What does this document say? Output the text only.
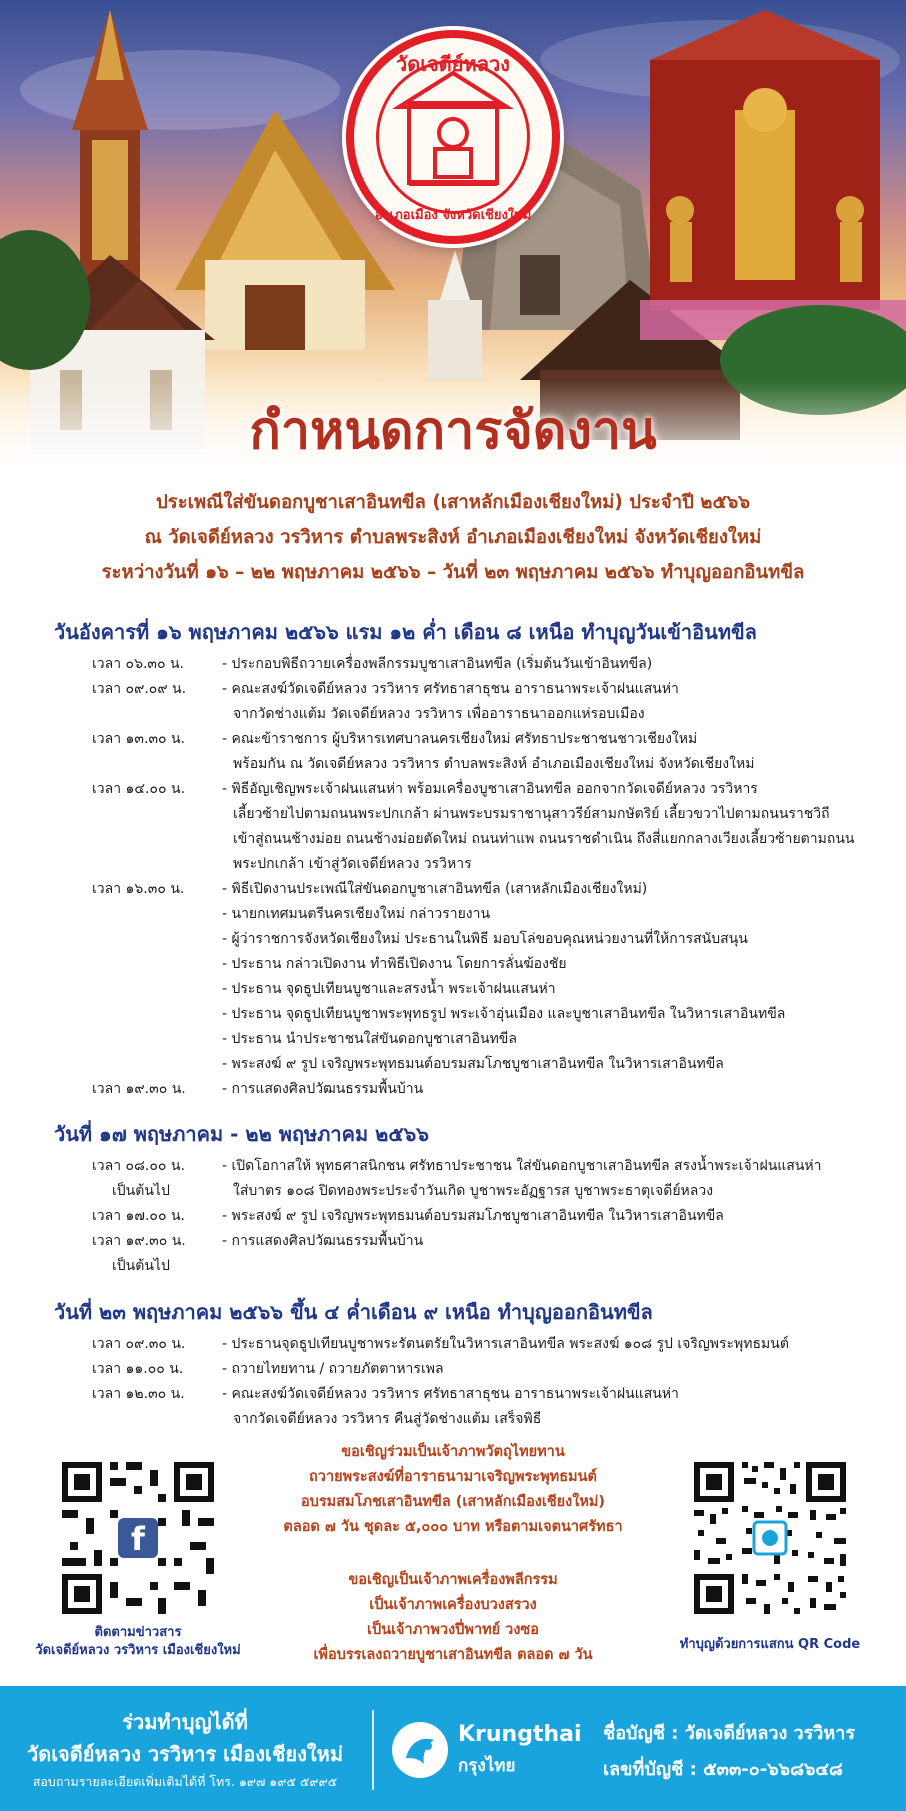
วัดเจดีย์หลวง
อำเภอเมือง จังหวัดเชียงใหม่
กำหนดการจัดงาน
ประเพณีใส่ขันดอกบูชาเสาอินทขีล (เสาหลักเมืองเชียงใหม่) ประจำปี ๒๕๖๖
ณ วัดเจดีย์หลวง วรวิหาร ตำบลพระสิงห์ อำเภอเมืองเชียงใหม่ จังหวัดเชียงใหม่
ระหว่างวันที่ ๑๖ – ๒๒ พฤษภาคม ๒๕๖๖ – วันที่ ๒๓ พฤษภาคม ๒๕๖๖ ทำบุญออกอินทขีล
วันอังคารที่ ๑๖ พฤษภาคม ๒๕๖๖ แรม ๑๒ ค่ำ เดือน ๘ เหนือ ทำบุญวันเข้าอินทขีล
เวลา ๐๖.๓๐ น.	- ประกอบพิธีถวายเครื่องพลีกรรมบูชาเสาอินทขีล (เริ่มต้นวันเข้าอินทขีล)
เวลา ๐๙.๐๙ น.	- คณะสงฆ์วัดเจดีย์หลวง วรวิหาร ศรัทธาสาธุชน อาราธนาพระเจ้าฝนแสนห่า
จากวัดช่างแต้ม วัดเจดีย์หลวง วรวิหาร เพื่ออาราธนาออกแห่รอบเมือง
เวลา ๑๓.๓๐ น.	- คณะข้าราชการ ผู้บริหารเทศบาลนครเชียงใหม่ ศรัทธาประชาชนชาวเชียงใหม่
พร้อมกัน ณ วัดเจดีย์หลวง วรวิหาร ตำบลพระสิงห์ อำเภอเมืองเชียงใหม่ จังหวัดเชียงใหม่
เวลา ๑๔.๐๐ น.	- พิธีอัญเชิญพระเจ้าฝนแสนห่า พร้อมเครื่องบูชาเสาอินทขีล ออกจากวัดเจดีย์หลวง วรวิหาร
เลี้ยวซ้ายไปตามถนนพระปกเกล้า ผ่านพระบรมราชานุสาวรีย์สามกษัตริย์ เลี้ยวขวาไปตามถนนราชวิถี
เข้าสู่ถนนช้างม่อย ถนนช้างม่อยตัดใหม่ ถนนท่าแพ ถนนราชดำเนิน ถึงสี่แยกกลางเวียงเลี้ยวซ้ายตามถนน
พระปกเกล้า เข้าสู่วัดเจดีย์หลวง วรวิหาร
เวลา ๑๖.๓๐ น.	- พิธีเปิดงานประเพณีใส่ขันดอกบูชาเสาอินทขีล (เสาหลักเมืองเชียงใหม่)
- นายกเทศมนตรีนครเชียงใหม่ กล่าวรายงาน
- ผู้ว่าราชการจังหวัดเชียงใหม่ ประธานในพิธี มอบโล่ขอบคุณหน่วยงานที่ให้การสนับสนุน
- ประธาน กล่าวเปิดงาน ทำพิธีเปิดงาน โดยการลั่นฆ้องชัย
- ประธาน จุดธูปเทียนบูชาและสรงน้ำ พระเจ้าฝนแสนห่า
- ประธาน จุดธูปเทียนบูชาพระพุทธรูป พระเจ้าอุ่นเมือง และบูชาเสาอินทขีล ในวิหารเสาอินทขีล
- ประธาน นำประชาชนใส่ขันดอกบูชาเสาอินทขีล
- พระสงฆ์ ๙ รูป เจริญพระพุทธมนต์อบรมสมโภชบูชาเสาอินทขีล ในวิหารเสาอินทขีล
เวลา ๑๙.๓๐ น.	- การแสดงศิลปวัฒนธรรมพื้นบ้าน
วันที่ ๑๗ พฤษภาคม - ๒๒ พฤษภาคม ๒๕๖๖
เวลา ๐๘.๐๐ น.	- เปิดโอกาสให้ พุทธศาสนิกชน ศรัทธาประชาชน ใส่ขันดอกบูชาเสาอินทขีล สรงน้ำพระเจ้าฝนแสนห่า
เป็นต้นไป	ใส่บาตร ๑๐๘ ปิดทองพระประจำวันเกิด บูชาพระอัฏฐารส บูชาพระธาตุเจดีย์หลวง
เวลา ๑๗.๐๐ น.	- พระสงฆ์ ๙ รูป เจริญพระพุทธมนต์อบรมสมโภชบูชาเสาอินทขีล ในวิหารเสาอินทขีล
เวลา ๑๙.๓๐ น.	- การแสดงศิลปวัฒนธรรมพื้นบ้าน
เป็นต้นไป
วันที่ ๒๓ พฤษภาคม ๒๕๖๖ ขึ้น ๔ ค่ำเดือน ๙ เหนือ ทำบุญออกอินทขีล
เวลา ๐๙.๓๐ น.	- ประธานจุดธูปเทียนบูชาพระรัตนตรัยในวิหารเสาอินทขีล พระสงฆ์ ๑๐๘ รูป เจริญพระพุทธมนต์
เวลา ๑๑.๐๐ น.	- ถวายไทยทาน / ถวายภัตตาหารเพล
เวลา ๑๒.๓๐ น.	- คณะสงฆ์วัดเจดีย์หลวง วรวิหาร ศรัทธาสาธุชน อาราธนาพระเจ้าฝนแสนห่า
จากวัดเจดีย์หลวง วรวิหาร คืนสู่วัดช่างแต้ม เสร็จพิธี
f
ติดตามข่าวสาร
วัดเจดีย์หลวง วรวิหาร เมืองเชียงใหม่
ขอเชิญร่วมเป็นเจ้าภาพวัตถุไทยทาน
ถวายพระสงฆ์ที่อาราธนามาเจริญพระพุทธมนต์
อบรมสมโภชเสาอินทขีล (เสาหลักเมืองเชียงใหม่)
ตลอด ๗ วัน ชุดละ ๕,๐๐๐ บาท หรือตามเจตนาศรัทธา
ขอเชิญเป็นเจ้าภาพเครื่องพลีกรรม
เป็นเจ้าภาพเครื่องบวงสรวง
เป็นเจ้าภาพวงปี่พาทย์ วงซอ
เพื่อบรรเลงถวายบูชาเสาอินทขีล ตลอด ๗ วัน
ทำบุญด้วยการแสกน QR Code
ร่วมทำบุญได้ที่
วัดเจดีย์หลวง วรวิหาร เมืองเชียงใหม่
สอบถามรายละเอียดเพิ่มเติมได้ที่ โทร. ๑๙๗ ๑๙๕ ๕๙๙๕
Krungthai
กรุงไทย
ชื่อบัญชี : วัดเจดีย์หลวง วรวิหาร
เลขที่บัญชี : ๕๓๓-๐-๖๖๘๖๔๘
